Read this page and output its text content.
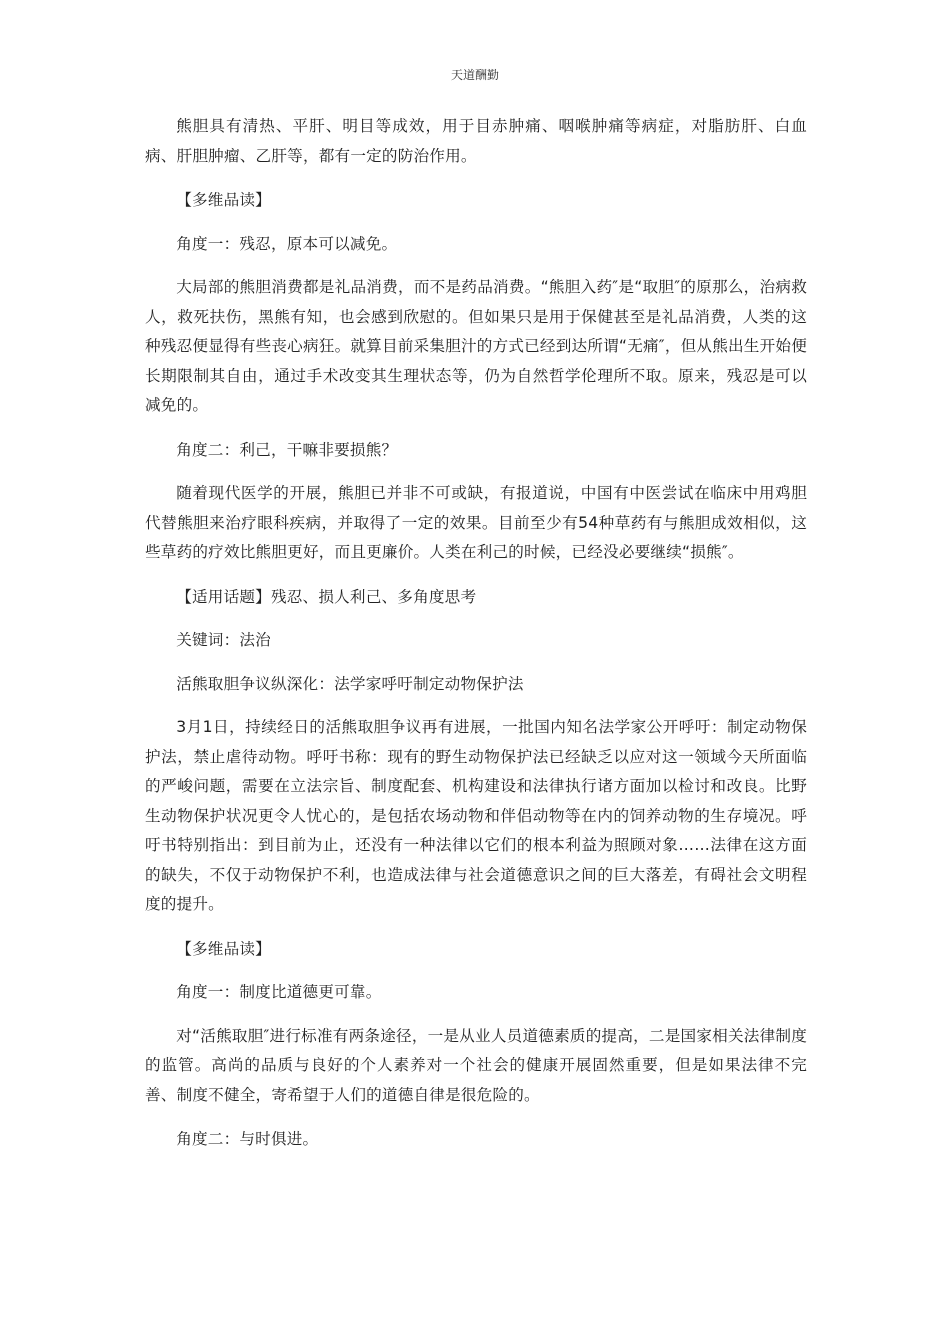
天道酬勤

熊胆具有清热、平肝、明目等成效，用于目赤肿痛、咽喉肿痛等病症，对脂肪肝、白血病、肝胆肿瘤、乙肝等，都有一定的防治作用。

【多维品读】

角度一：残忍，原本可以减免。

大局部的熊胆消费都是礼品消费，而不是药品消费。“熊胆入药″是“取胆″的原那么，治病救人，救死扶伤，黑熊有知，也会感到欣慰的。但如果只是用于保健甚至是礼品消费，人类的这种残忍便显得有些丧心病狂。就算目前采集胆汁的方式已经到达所谓“无痛″，但从熊出生开始便长期限制其自由，通过手术改变其生理状态等，仍为自然哲学伦理所不取。原来，残忍是可以减免的。

角度二：利己，干嘛非要损熊？

随着现代医学的开展，熊胆已并非不可或缺，有报道说，中国有中医尝试在临床中用鸡胆代替熊胆来治疗眼科疾病，并取得了一定的效果。目前至少有54种草药有与熊胆成效相似，这些草药的疗效比熊胆更好，而且更廉价。人类在利己的时候，已经没必要继续“损熊″。

【适用话题】残忍、损人利己、多角度思考

关键词：法治

活熊取胆争议纵深化：法学家呼吁制定动物保护法

3月1日，持续经日的活熊取胆争议再有进展，一批国内知名法学家公开呼吁：制定动物保护法，禁止虐待动物。呼吁书称：现有的野生动物保护法已经缺乏以应对这一领域今天所面临的严峻问题，需要在立法宗旨、制度配套、机构建设和法律执行诸方面加以检讨和改良。比野生动物保护状况更令人忧心的，是包括农场动物和伴侣动物等在内的饲养动物的生存境况。呼吁书特别指出：到目前为止，还没有一种法律以它们的根本利益为照顾对象……法律在这方面的缺失，不仅于动物保护不利，也造成法律与社会道德意识之间的巨大落差，有碍社会文明程度的提升。

【多维品读】

角度一：制度比道德更可靠。

对“活熊取胆″进行标准有两条途径，一是从业人员道德素质的提高，二是国家相关法律制度的监管。高尚的品质与良好的个人素养对一个社会的健康开展固然重要，但是如果法律不完善、制度不健全，寄希望于人们的道德自律是很危险的。

角度二：与时俱进。
